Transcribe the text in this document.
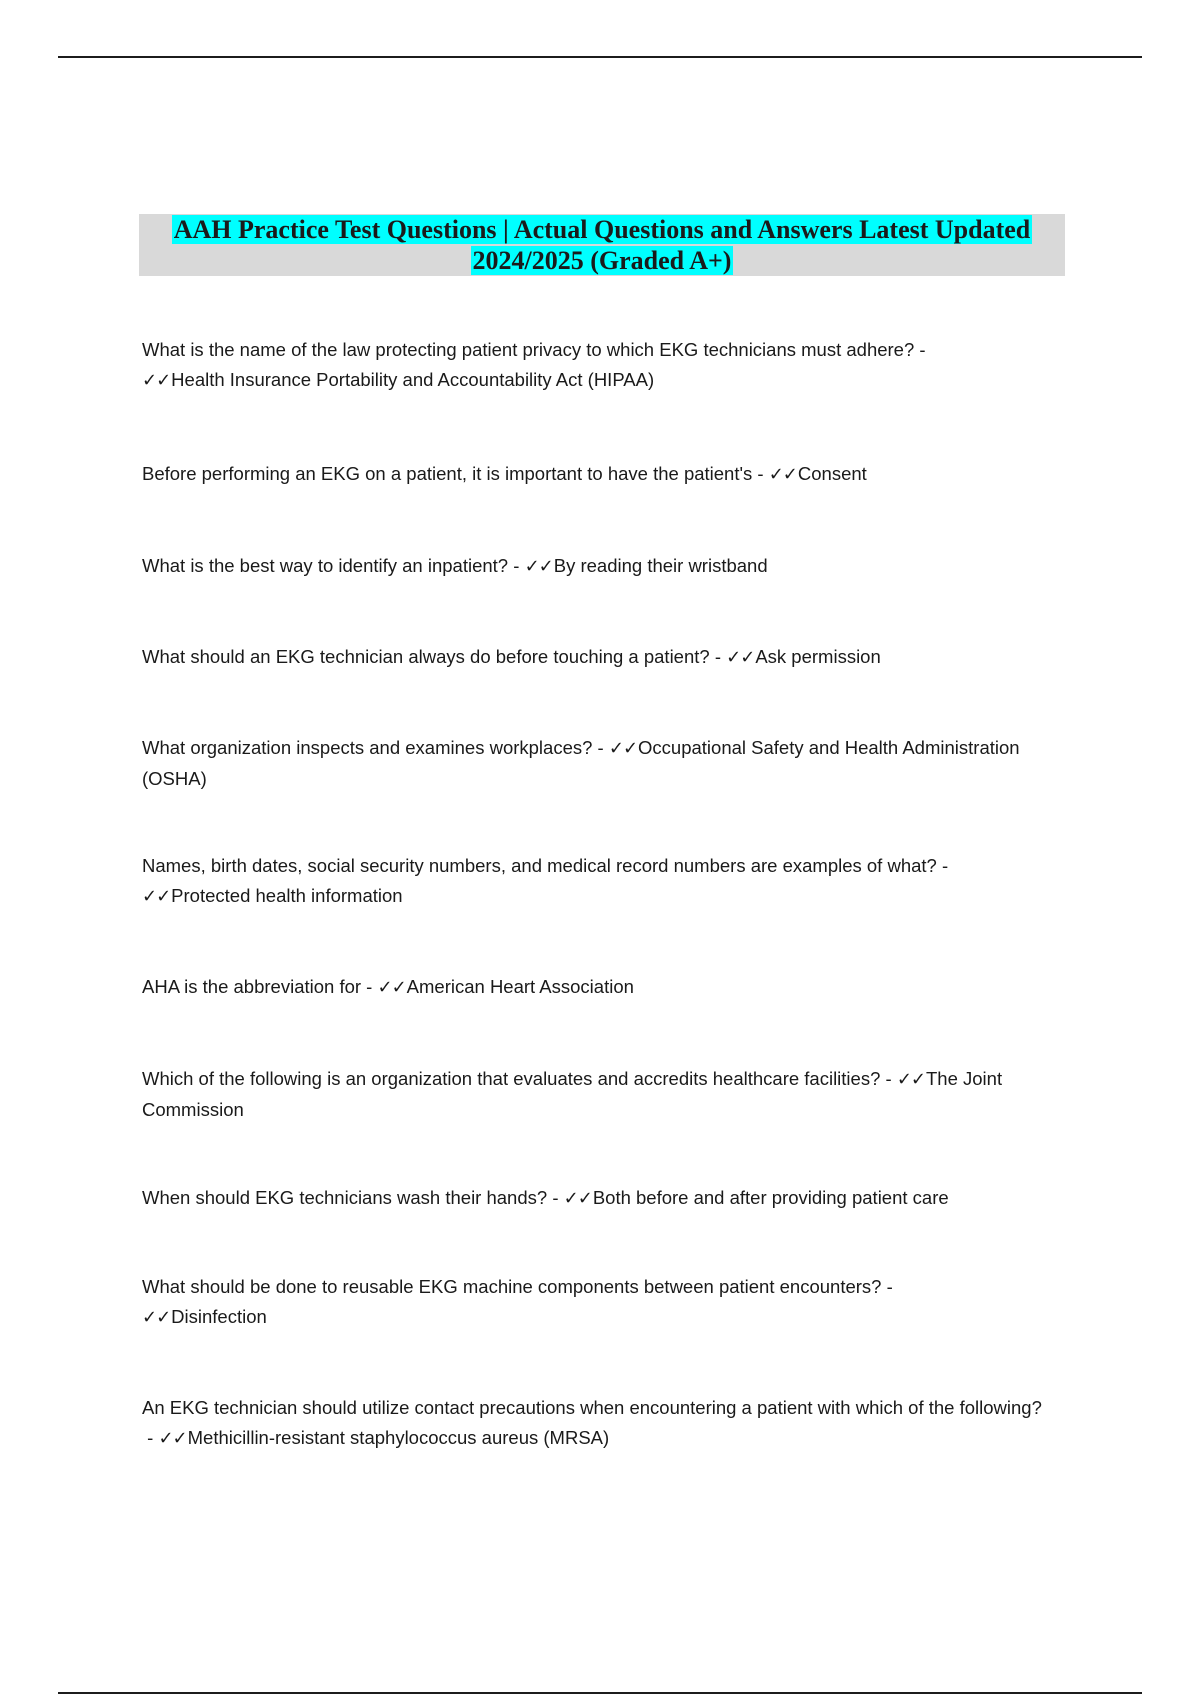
AAH Practice Test Questions | Actual Questions and Answers Latest Updated 2024/2025 (Graded A+)
What is the name of the law protecting patient privacy to which EKG technicians must adhere? -
✓✓Health Insurance Portability and Accountability Act (HIPAA)
Before performing an EKG on a patient, it is important to have the patient's - ✓✓Consent
What is the best way to identify an inpatient? - ✓✓By reading their wristband
What should an EKG technician always do before touching a patient? - ✓✓Ask permission
What organization inspects and examines workplaces? - ✓✓Occupational Safety and Health Administration (OSHA)
Names, birth dates, social security numbers, and medical record numbers are examples of what? -
✓✓Protected health information
AHA is the abbreviation for - ✓✓American Heart Association
Which of the following is an organization that evaluates and accredits healthcare facilities? - ✓✓The Joint Commission
When should EKG technicians wash their hands? - ✓✓Both before and after providing patient care
What should be done to reusable EKG machine components between patient encounters? -
✓✓Disinfection
An EKG technician should utilize contact precautions when encountering a patient with which of the following? - ✓✓Methicillin-resistant staphylococcus aureus (MRSA)
